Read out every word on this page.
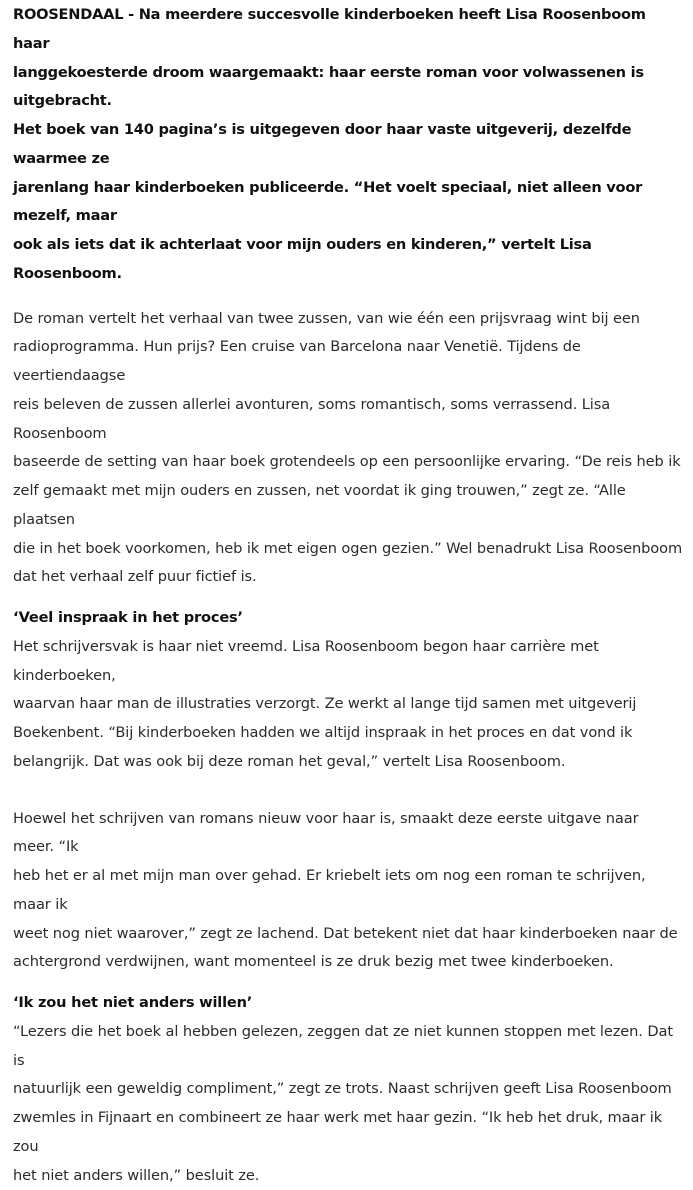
ROOSENDAAL - Na meerdere succesvolle kinderboeken heeft Lisa Roosenboom haar
langgekoesterde droom waargemaakt: haar eerste roman voor volwassenen is uitgebracht.
Het boek van 140 pagina’s is uitgegeven door haar vaste uitgeverij, dezelfde waarmee ze
jarenlang haar kinderboeken publiceerde. “Het voelt speciaal, niet alleen voor mezelf, maar
ook als iets dat ik achterlaat voor mijn ouders en kinderen,” vertelt Lisa Roosenboom.
De roman vertelt het verhaal van twee zussen, van wie één een prijsvraag wint bij een
radioprogramma. Hun prijs? Een cruise van Barcelona naar Venetië. Tijdens de veertiendaagse
reis beleven de zussen allerlei avonturen, soms romantisch, soms verrassend. Lisa Roosenboom
baseerde de setting van haar boek grotendeels op een persoonlijke ervaring. “De reis heb ik
zelf gemaakt met mijn ouders en zussen, net voordat ik ging trouwen,” zegt ze. “Alle plaatsen
die in het boek voorkomen, heb ik met eigen ogen gezien.” Wel benadrukt Lisa Roosenboom
dat het verhaal zelf puur fictief is.
‘Veel inspraak in het proces’
Het schrijversvak is haar niet vreemd. Lisa Roosenboom begon haar carrière met kinderboeken,
waarvan haar man de illustraties verzorgt. Ze werkt al lange tijd samen met uitgeverij
Boekenbent. “Bij kinderboeken hadden we altijd inspraak in het proces en dat vond ik
belangrijk. Dat was ook bij deze roman het geval,” vertelt Lisa Roosenboom.
Hoewel het schrijven van romans nieuw voor haar is, smaakt deze eerste uitgave naar meer. “Ik
heb het er al met mijn man over gehad. Er kriebelt iets om nog een roman te schrijven, maar ik
weet nog niet waarover,” zegt ze lachend. Dat betekent niet dat haar kinderboeken naar de
achtergrond verdwijnen, want momenteel is ze druk bezig met twee kinderboeken.
‘Ik zou het niet anders willen’
“Lezers die het boek al hebben gelezen, zeggen dat ze niet kunnen stoppen met lezen. Dat is
natuurlijk een geweldig compliment,” zegt ze trots. Naast schrijven geeft Lisa Roosenboom
zwemles in Fijnaart en combineert ze haar werk met haar gezin. “Ik heb het druk, maar ik zou
het niet anders willen,” besluit ze.
